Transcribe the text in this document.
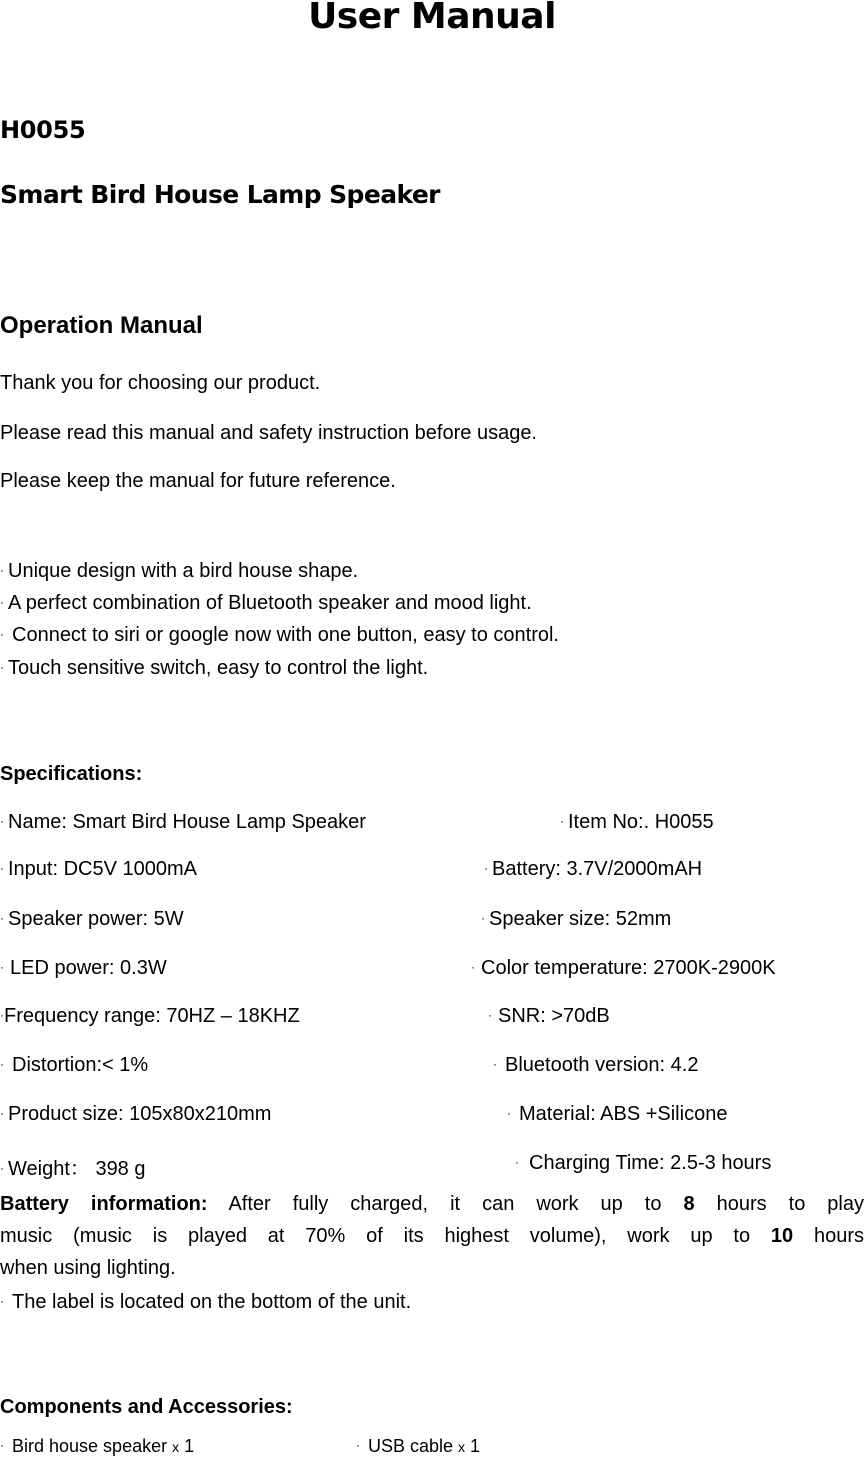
User Manual
H0055
Smart Bird House Lamp Speaker
Operation Manual
Thank you for choosing our product.
Please read this manual and safety instruction before usage.
Please keep the manual for future reference.
· Unique design with a bird house shape.
· A perfect combination of Bluetooth speaker and mood light.
· Connect to siri or google now with one button, easy to control.
· Touch sensitive switch, easy to control the light.
Specifications:
· Name: Smart Bird House Lamp Speaker	· Item No:. H0055
· Input: DC5V 1000mA	· Battery: 3.7V/2000mAH
· Speaker power: 5W	· Speaker size: 52mm
· LED power: 0.3W	· Color temperature: 2700K-2900K
·Frequency range: 70HZ – 18KHZ	· SNR: >70dB
· Distortion:< 1%	· Bluetooth version: 4.2
· Product size: 105x80x210mm	· Material: ABS +Silicone
· Weight： 398 g	· Charging Time: 2.5-3 hours
Battery information: After fully charged, it can work up to 8 hours to play
music (music is played at 70% of its highest volume), work up to 10 hours
when using lighting.
· The label is located on the bottom of the unit.
Components and Accessories:
· Bird house speaker x 1	· USB cable x 1
